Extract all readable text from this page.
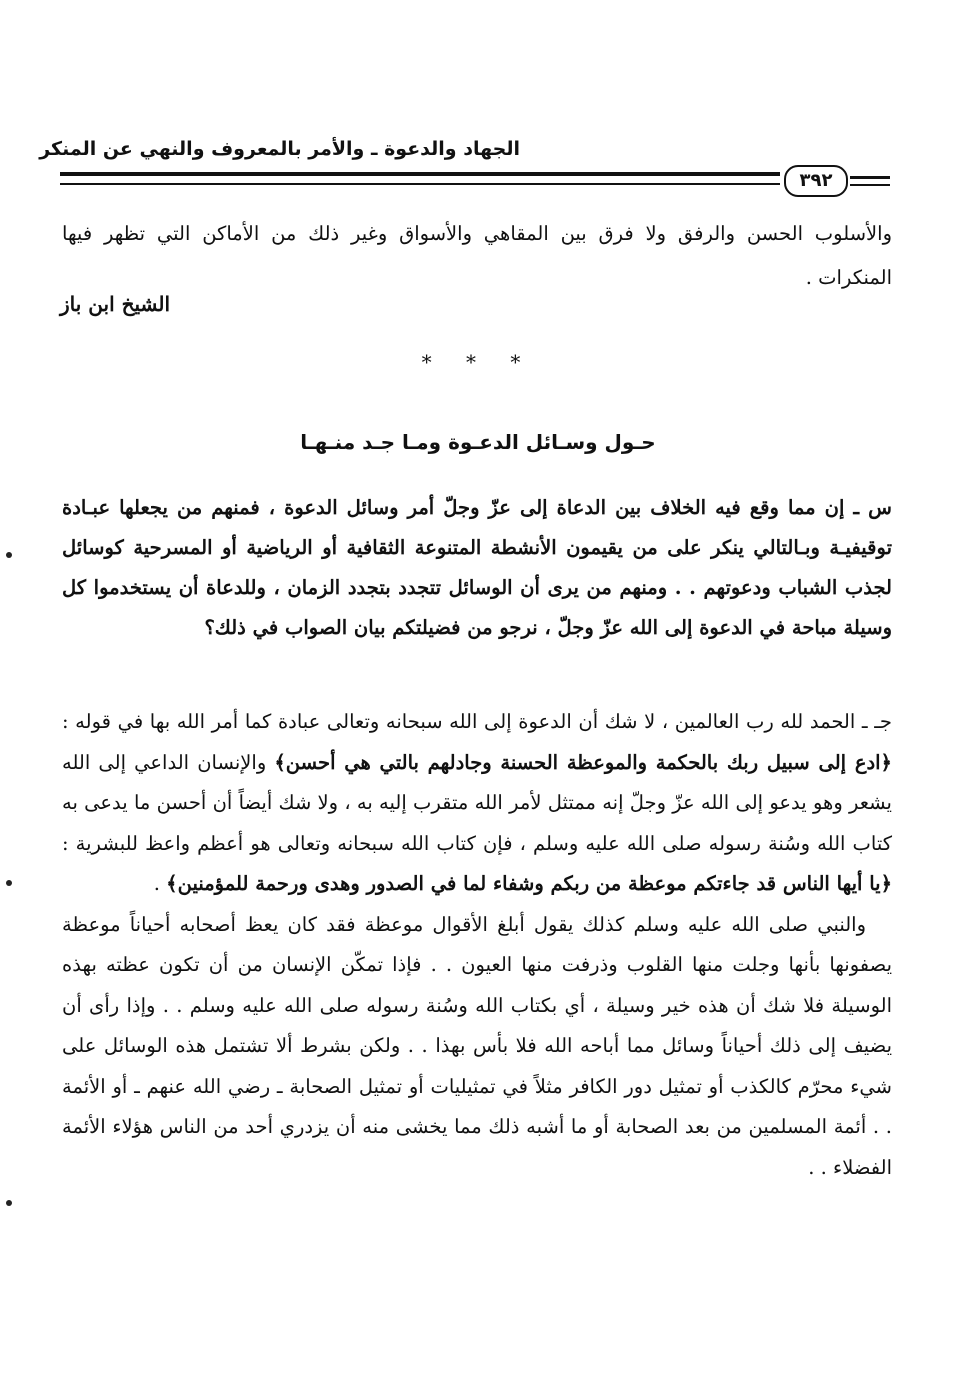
الجهاد والدعوة ـ والأمر بالمعروف والنهي عن المنكر
٣٩٢

والأسلوب الحسن والرفق ولا فرق بين المقاهي والأسواق وغير ذلك من الأماكن التي تظهر فيها المنكرات .

الشيخ ابن باز
* * *
حـول وسـائل الدعـوة ومـا جـد منـهـا

س ـ إن مما وقع فيه الخلاف بين الدعاة إلى عزّ وجلّ أمر وسائل الدعوة ، فمنهم من يجعلها عبـادة توقيفيـة وبـالتالي ينكر على من يقيمون الأنشطة المتنوعة الثقافية أو الرياضية أو المسرحية كوسائل لجذب الشباب ودعوتهم . . ومنهم من يرى أن الوسائل تتجدد بتجدد الزمان ، وللدعاة أن يستخدموا كل وسيلة مباحة في الدعوة إلى الله عزّ وجلّ ، نرجو من فضيلتكم بيان الصواب في ذلك؟

جـ ـ الحمد لله رب العالمين ، لا شك أن الدعوة إلى الله سبحانه وتعالى عبادة كما أمر الله بها في قوله : ﴿ادع إلى سبيل ربك بالحكمة والموعظة الحسنة وجادلهم بالتي هي أحسن﴾ والإنسان الداعي إلى الله يشعر وهو يدعو إلى الله عزّ وجلّ إنه ممتثل لأمر الله متقرب إليه به ، ولا شك أيضاً أن أحسن ما يدعى به كتاب الله وسُنة رسوله صلى الله عليه وسلم ، فإن كتاب الله سبحانه وتعالى هو أعظم واعظ للبشرية : ﴿يا أيها الناس قد جاءتكم موعظة من ربكم وشفاء لما في الصدور وهدى ورحمة للمؤمنين﴾ .

والنبي صلى الله عليه وسلم كذلك يقول أبلغ الأقوال موعظة فقد كان يعظ أصحابه أحياناً موعظة يصفونها بأنها وجلت منها القلوب وذرفت منها العيون . . فإذا تمكّن الإنسان من أن تكون عظته بهذه الوسيلة فلا شك أن هذه خير وسيلة ، أي بكتاب الله وسُنة رسوله صلى الله عليه وسلم . . وإذا رأى أن يضيف إلى ذلك أحياناً وسائل مما أباحه الله فلا بأس بهذا . . ولكن بشرط ألا تشتمل هذه الوسائل على شيء محرّم كالكذب أو تمثيل دور الكافر مثلاً في تمثيليات أو تمثيل الصحابة ـ رضي الله عنهم ـ أو الأئمة . . أئمة المسلمين من بعد الصحابة أو ما أشبه ذلك مما يخشى منه أن يزدري أحد من الناس هؤلاء الأئمة الفضلاء . .
